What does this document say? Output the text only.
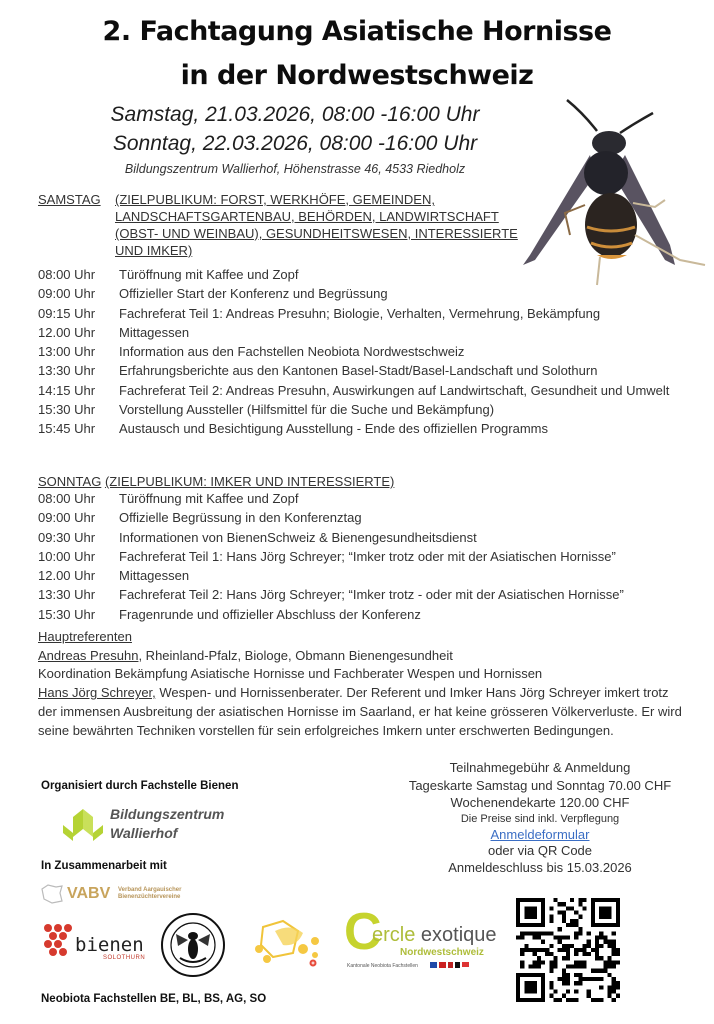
2. Fachtagung Asiatische Hornisse
in der Nordwestschweiz
Samstag, 21.03.2026, 08:00 -16:00 Uhr
Sonntag, 22.03.2026, 08:00 -16:00 Uhr
Bildungszentrum Wallierhof, Höhenstrasse 46, 4533 Riedholz
SAMSTAG (ZIELPUBLIKUM: FORST, WERKHÖFE, GEMEINDEN, LANDSCHAFTSGARTENBAU, BEHÖRDEN, LANDWIRTSCHAFT (OBST- UND WEINBAU), GESUNDHEITSWESEN, INTERESSIERTE UND IMKER)
08:00 Uhr	Türöffnung mit Kaffee und Zopf
09:00 Uhr	Offizieller Start der Konferenz und Begrüssung
09:15 Uhr	Fachreferat Teil 1: Andreas Presuhn; Biologie, Verhalten, Vermehrung, Bekämpfung
12.00 Uhr	Mittagessen
13:00 Uhr	Information aus den Fachstellen Neobiota Nordwestschweiz
13:30 Uhr	Erfahrungsberichte aus den Kantonen Basel-Stadt/Basel-Landschaft und Solothurn
14:15 Uhr	Fachreferat Teil 2: Andreas Presuhn, Auswirkungen auf Landwirtschaft, Gesundheit und Umwelt
15:30 Uhr	Vorstellung Aussteller (Hilfsmittel für die Suche und Bekämpfung)
15:45 Uhr	Austausch und Besichtigung Ausstellung - Ende des offiziellen Programms
SONNTAG (ZIELPUBLIKUM: IMKER UND INTERESSIERTE)
08:00 Uhr	Türöffnung mit Kaffee und Zopf
09:00 Uhr	Offizielle Begrüssung in den Konferenztag
09:30 Uhr	Informationen von BienenSchweiz & Bienengesundheitsdienst
10:00 Uhr	Fachreferat Teil 1: Hans Jörg Schreyer; “Imker trotz oder mit der Asiatischen Hornisse”
12.00 Uhr	Mittagessen
13:30 Uhr	Fachreferat Teil 2: Hans Jörg Schreyer; “Imker trotz - oder mit der Asiatischen Hornisse”
15:30 Uhr	Fragenrunde und offizieller Abschluss der Konferenz
Hauptreferenten
Andreas Presuhn, Rheinland-Pfalz, Biologe, Obmann Bienengesundheit
Koordination Bekämpfung Asiatische Hornisse und Fachberater Wespen und Hornissen
Hans Jörg Schreyer, Wespen- und Hornissenberater. Der Referent und Imker Hans Jörg Schreyer imkert trotz der immensen Ausbreitung der asiatischen Hornisse im Saarland, er hat keine grösseren Völkerverluste. Er wird seine bewährten Techniken vorstellen für sein erfolgreiches Imkern unter erschwerten Bedingungen.
Organisiert durch Fachstelle Bienen
Bildungszentrum
Wallierhof
In Zusammenarbeit mit
VABV Verband Aargauischer Bienenzüchtervereine
bienen
SOLOTHURN	C
ercle exotique
Nordwestschweiz
Kantonale Neobiota Fachstellen
Neobiota Fachstellen BE, BL, BS, AG, SO
Teilnahmegebühr & Anmeldung
Tageskarte Samstag und Sonntag 70.00 CHF
Wochenendekarte 120.00 CHF
Die Preise sind inkl. Verpflegung
Anmeldeformular
oder via QR Code
Anmeldeschluss bis 15.03.2026
